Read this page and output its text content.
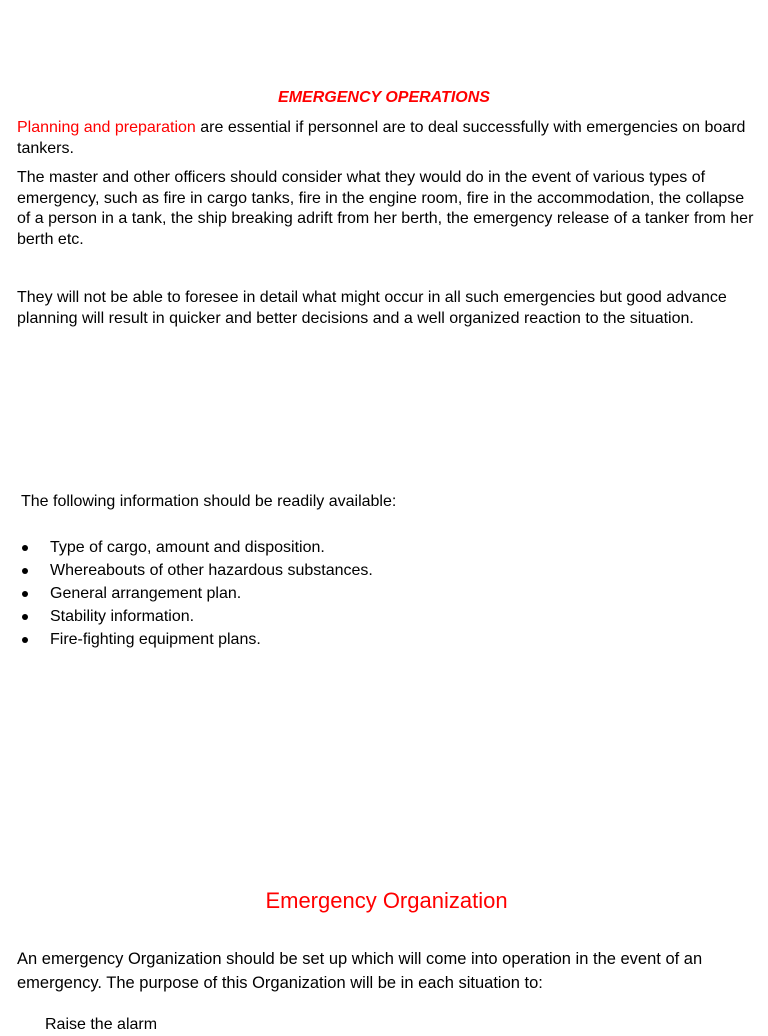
EMERGENCY OPERATIONS

Planning and preparation are essential if personnel are to deal successfully with emergencies on board tankers.

The master and other officers should consider what they would do in the event of various types of emergency, such as fire in cargo tanks, fire in the engine room, fire in the accommodation, the collapse of a person in a tank, the ship breaking adrift from her berth, the emergency release of a tanker from her berth etc.

They will not be able to foresee in detail what might occur in all such emergencies but good advance planning will result in quicker and better decisions and a well organized reaction to the situation.

The following information should be readily available:

Type of cargo, amount and disposition.
Whereabouts of other hazardous substances.
General arrangement plan.
Stability information.
Fire-fighting equipment plans.
Emergency Organization

An emergency Organization should be set up which will come into operation in the event of an emergency. The purpose of this Organization will be in each situation to:

Raise the alarm
